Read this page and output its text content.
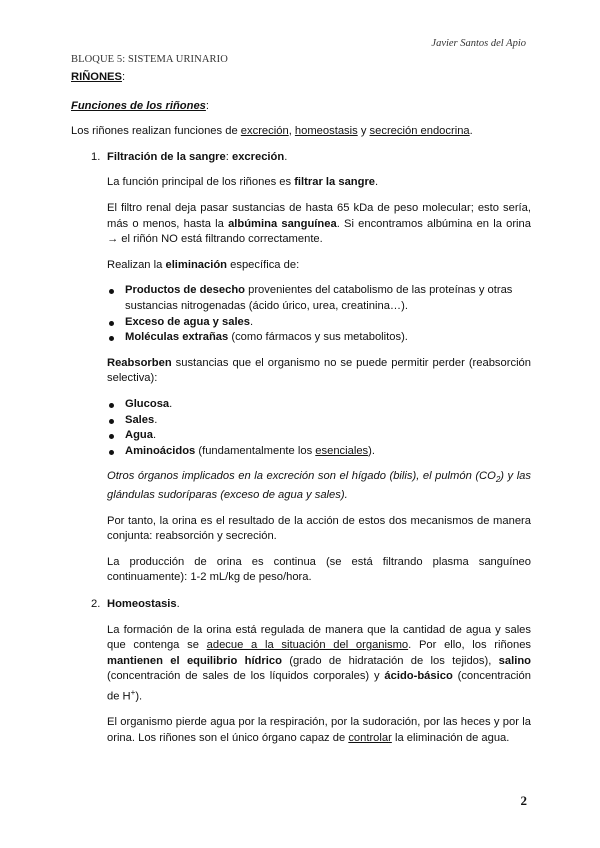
Javier Santos del Apio
BLOQUE 5: SISTEMA URINARIO

RIÑONES:

Funciones de los riñones:

Los riñones realizan funciones de excreción, homeostasis y secreción endocrina.

1. Filtración de la sangre: excreción.

La función principal de los riñones es filtrar la sangre.

El filtro renal deja pasar sustancias de hasta 65 kDa de peso molecular; esto sería, más o menos, hasta la albúmina sanguínea. Si encontramos albúmina en la orina → el riñón NO está filtrando correctamente.

Realizan la eliminación específica de:

Productos de desecho provenientes del catabolismo de las proteínas y otras sustancias nitrogenadas (ácido úrico, urea, creatinina…).
Exceso de agua y sales.
Moléculas extrañas (como fármacos y sus metabolitos).

Reabsorben sustancias que el organismo no se puede permitir perder (reabsorción selectiva):

Glucosa.
Sales.
Agua.
Aminoácidos (fundamentalmente los esenciales).

Otros órganos implicados en la excreción son el hígado (bilis), el pulmón $(CO_2)$ y las glándulas sudoríparas (exceso de agua y sales).

Por tanto, la orina es el resultado de la acción de estos dos mecanismos de manera conjunta: reabsorción y secreción.

La producción de orina es continua (se está filtrando plasma sanguíneo continuamente): 1-2 mL/kg de peso/hora.

2. Homeostasis.

La formación de la orina está regulada de manera que la cantidad de agua y sales que contenga se adecue a la situación del organismo. Por ello, los riñones mantienen el equilibrio hídrico (grado de hidratación de los tejidos), salino (concentración de sales de los líquidos corporales) y ácido-básico (concentración de H+).

El organismo pierde agua por la respiración, por la sudoración, por las heces y por la orina. Los riñones son el único órgano capaz de controlar la eliminación de agua.

2
